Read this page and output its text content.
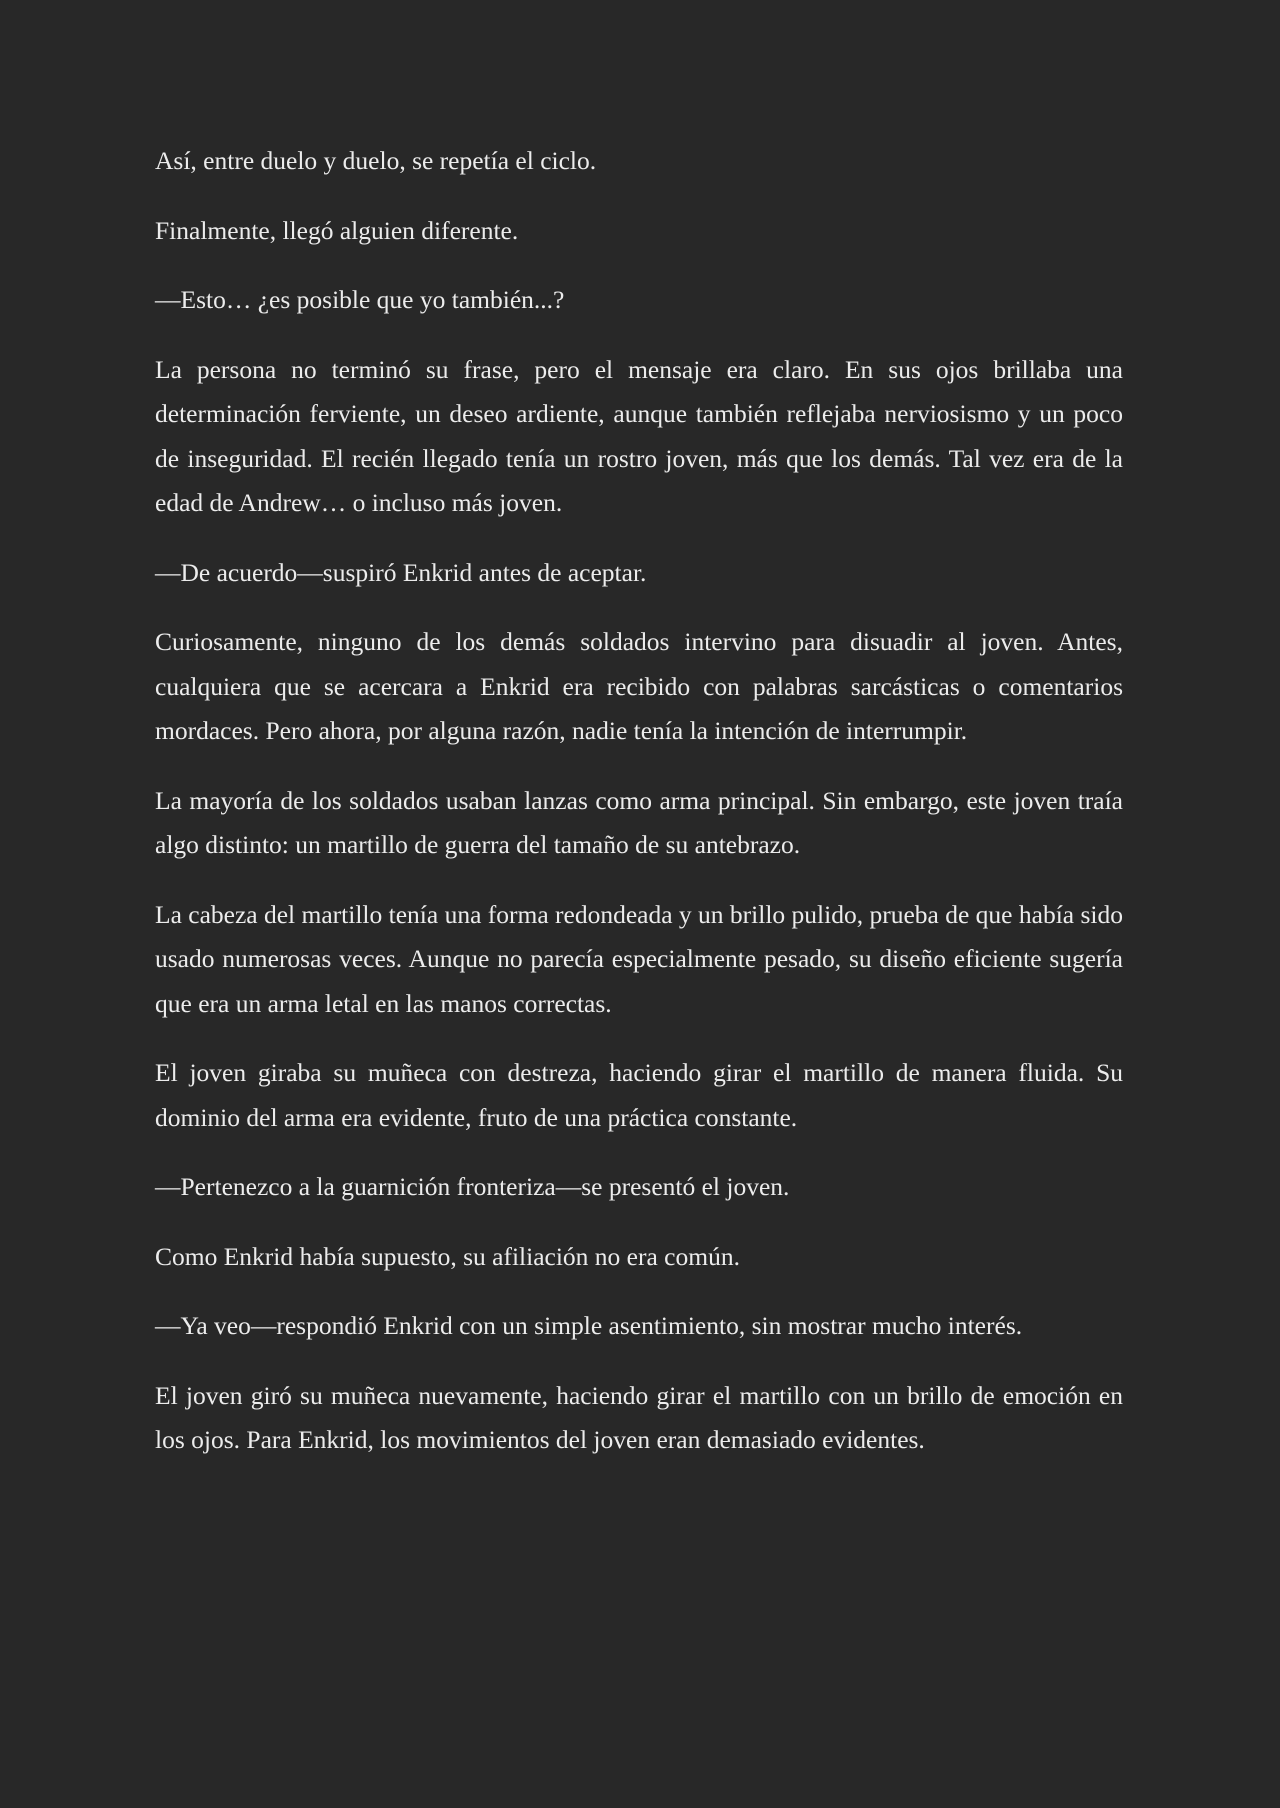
Así, entre duelo y duelo, se repetía el ciclo.

Finalmente, llegó alguien diferente.

—Esto… ¿es posible que yo también...?

La persona no terminó su frase, pero el mensaje era claro. En sus ojos brillaba una determinación ferviente, un deseo ardiente, aunque también reflejaba nerviosismo y un poco de inseguridad. El recién llegado tenía un rostro joven, más que los demás. Tal vez era de la edad de Andrew… o incluso más joven.

—De acuerdo—suspiró Enkrid antes de aceptar.

Curiosamente, ninguno de los demás soldados intervino para disuadir al joven. Antes, cualquiera que se acercara a Enkrid era recibido con palabras sarcásticas o comentarios mordaces. Pero ahora, por alguna razón, nadie tenía la intención de interrumpir.

La mayoría de los soldados usaban lanzas como arma principal. Sin embargo, este joven traía algo distinto: un martillo de guerra del tamaño de su antebrazo.

La cabeza del martillo tenía una forma redondeada y un brillo pulido, prueba de que había sido usado numerosas veces. Aunque no parecía especialmente pesado, su diseño eficiente sugería que era un arma letal en las manos correctas.

El joven giraba su muñeca con destreza, haciendo girar el martillo de manera fluida. Su dominio del arma era evidente, fruto de una práctica constante.

—Pertenezco a la guarnición fronteriza—se presentó el joven.

Como Enkrid había supuesto, su afiliación no era común.

—Ya veo—respondió Enkrid con un simple asentimiento, sin mostrar mucho interés.

El joven giró su muñeca nuevamente, haciendo girar el martillo con un brillo de emoción en los ojos. Para Enkrid, los movimientos del joven eran demasiado evidentes.
